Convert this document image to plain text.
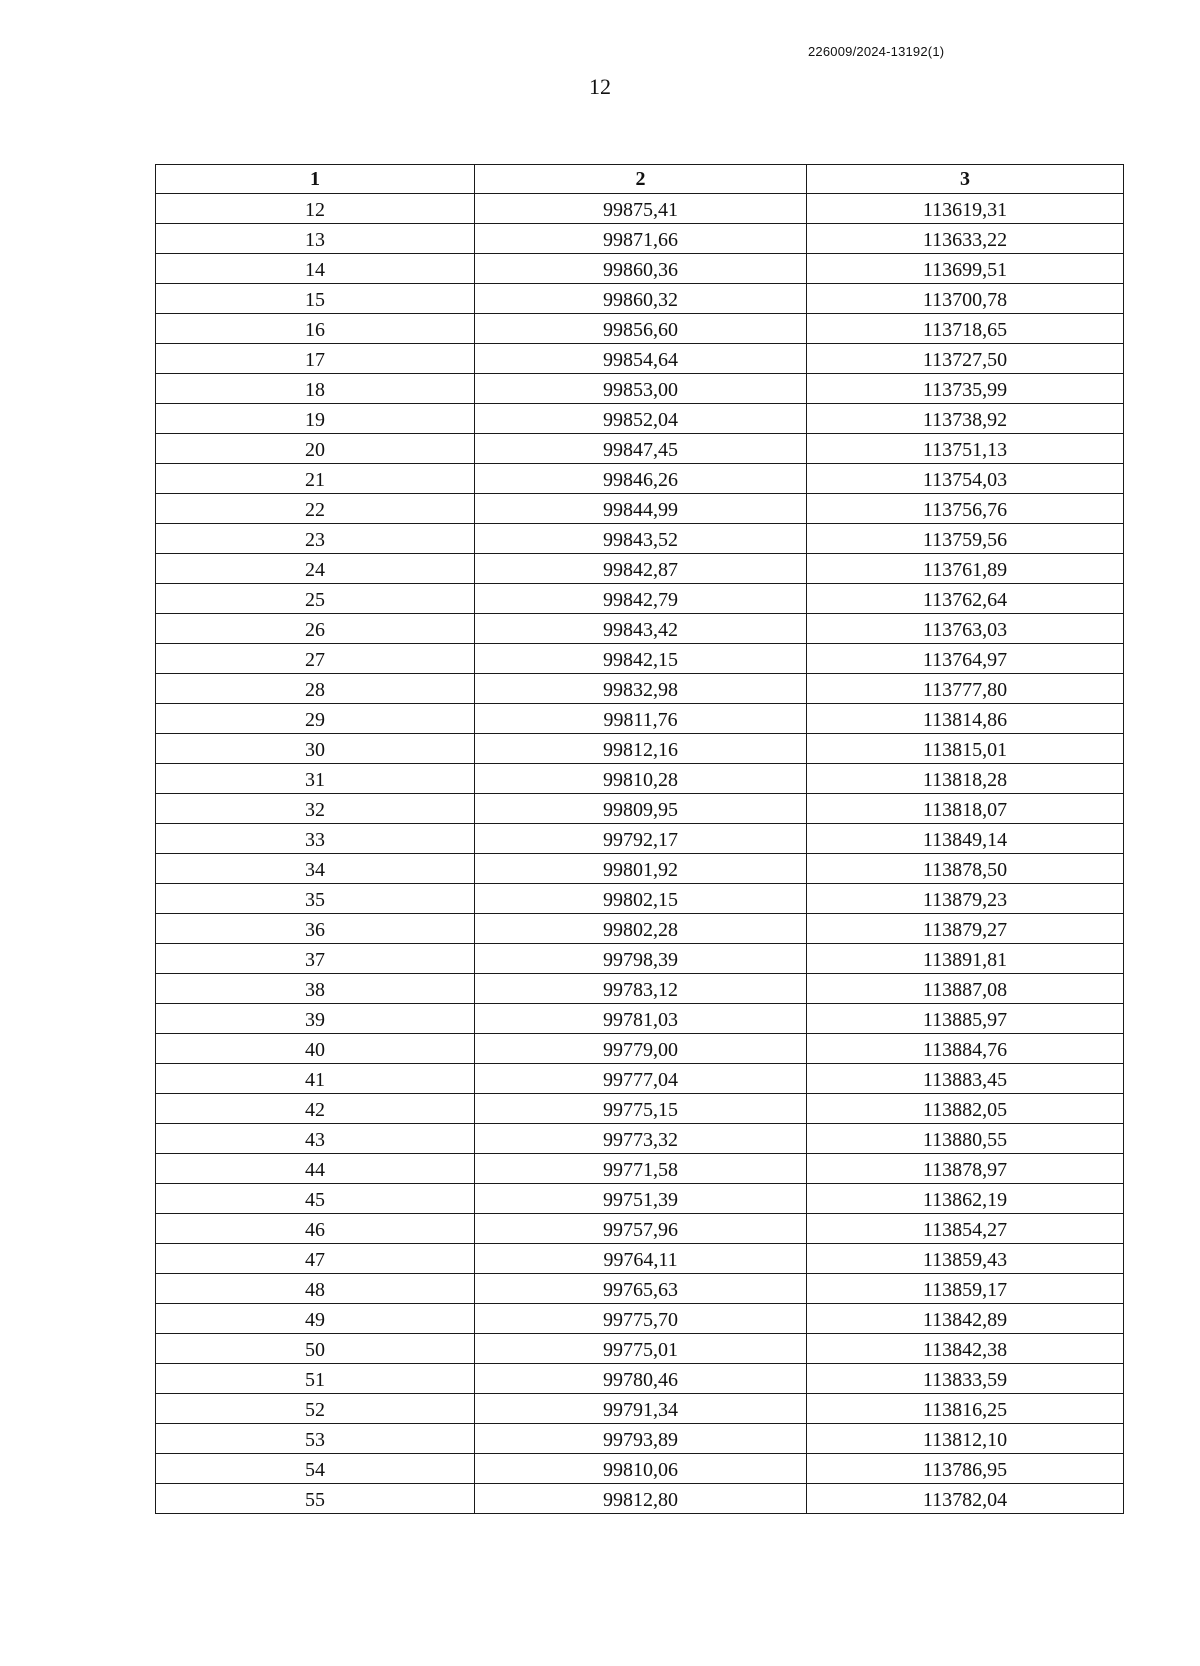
226009/2024-13192(1)
12
1	2	3
12	99875,41	113619,31
13	99871,66	113633,22
14	99860,36	113699,51
15	99860,32	113700,78
16	99856,60	113718,65
17	99854,64	113727,50
18	99853,00	113735,99
19	99852,04	113738,92
20	99847,45	113751,13
21	99846,26	113754,03
22	99844,99	113756,76
23	99843,52	113759,56
24	99842,87	113761,89
25	99842,79	113762,64
26	99843,42	113763,03
27	99842,15	113764,97
28	99832,98	113777,80
29	99811,76	113814,86
30	99812,16	113815,01
31	99810,28	113818,28
32	99809,95	113818,07
33	99792,17	113849,14
34	99801,92	113878,50
35	99802,15	113879,23
36	99802,28	113879,27
37	99798,39	113891,81
38	99783,12	113887,08
39	99781,03	113885,97
40	99779,00	113884,76
41	99777,04	113883,45
42	99775,15	113882,05
43	99773,32	113880,55
44	99771,58	113878,97
45	99751,39	113862,19
46	99757,96	113854,27
47	99764,11	113859,43
48	99765,63	113859,17
49	99775,70	113842,89
50	99775,01	113842,38
51	99780,46	113833,59
52	99791,34	113816,25
53	99793,89	113812,10
54	99810,06	113786,95
55	99812,80	113782,04
